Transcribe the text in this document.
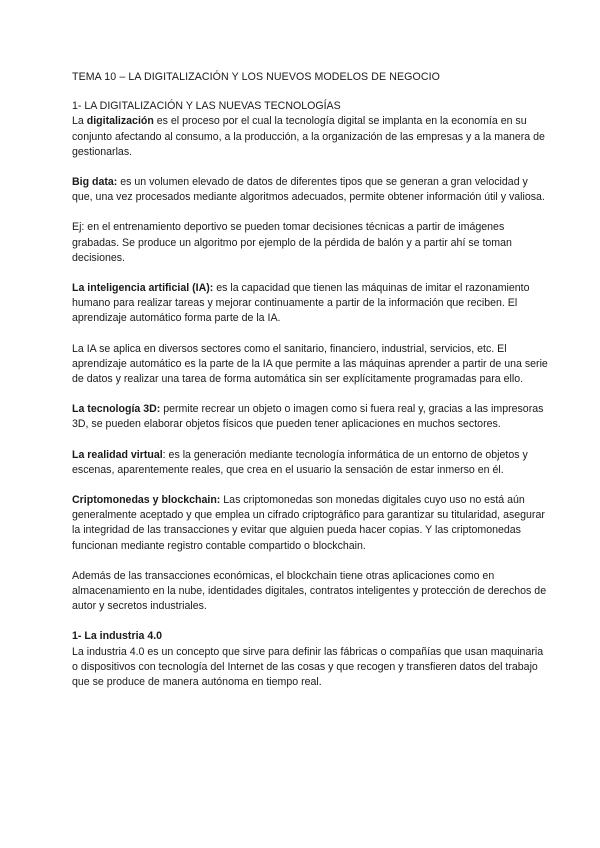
TEMA 10 – LA DIGITALIZACIÓN Y LOS NUEVOS MODELOS DE NEGOCIO
1- LA DIGITALIZACIÓN Y LAS NUEVAS TECNOLOGÍAS

La digitalización es el proceso por el cual la tecnología digital se implanta en la economía en su conjunto afectando al consumo, a la producción, a la organización de las empresas y a la manera de gestionarlas.

Big data: es un volumen elevado de datos de diferentes tipos que se generan a gran velocidad y que, una vez procesados mediante algoritmos adecuados, permite obtener información útil y valiosa.

Ej: en el entrenamiento deportivo se pueden tomar decisiones técnicas a partir de imágenes grabadas. Se produce un algoritmo por ejemplo de la pérdida de balón y a partir ahí se toman decisiones.

La inteligencia artificial (IA): es la capacidad que tienen las máquinas de imitar el razonamiento humano para realizar tareas y mejorar continuamente a partir de la información que reciben. El aprendizaje automático forma parte de la IA.

La IA se aplica en diversos sectores como el sanitario, financiero, industrial, servicios, etc. El aprendizaje automático es la parte de la IA que permite a las máquinas aprender a partir de una serie de datos y realizar una tarea de forma automática sin ser explícitamente programadas para ello.

La tecnología 3D: permite recrear un objeto o imagen como si fuera real y, gracias a las impresoras 3D, se pueden elaborar objetos físicos que pueden tener aplicaciones en muchos sectores.

La realidad virtual: es la generación mediante tecnología informática de un entorno de objetos y escenas, aparentemente reales, que crea en el usuario la sensación de estar inmerso en él.

Criptomonedas y blockchain: Las criptomonedas son monedas digitales cuyo uso no está aún generalmente aceptado y que emplea un cifrado criptográfico para garantizar su titularidad, asegurar la integridad de las transacciones y evitar que alguien pueda hacer copias. Y las criptomonedas funcionan mediante registro contable compartido o blockchain.

Además de las transacciones económicas, el blockchain tiene otras aplicaciones como en almacenamiento en la nube, identidades digitales, contratos inteligentes y protección de derechos de autor y secretos industriales.

1- La industria 4.0

La industria 4.0 es un concepto que sirve para definir las fábricas o compañías que usan maquinaria o dispositivos con tecnología del Internet de las cosas y que recogen y transfieren datos del trabajo que se produce de manera autónoma en tiempo real.
